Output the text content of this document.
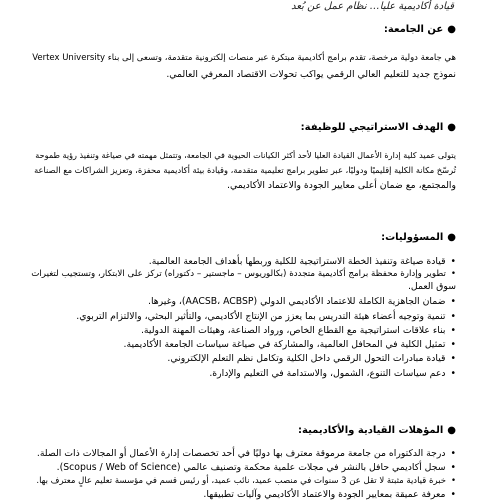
قيادة أكاديمية عليا… نظام عمل عن بُعد
●عن الجامعة:
Vertex University هي جامعة دولية مرخصة، تقدم برامج أكاديمية مبتكرة عبر منصات إلكترونية متقدمة، وتسعى إلى بناء
نموذج جديد للتعليم العالي الرقمي يواكب تحولات الاقتصاد المعرفي العالمي.
●الهدف الاستراتيجي للوظيفة:
يتولى عميد كلية إدارة الأعمال القيادة العليا لأحد أكثر الكيانات الحيوية في الجامعة، وتتمثل مهمته في صياغة وتنفيذ رؤية طموحة
تُرسّخ مكانة الكلية إقليميًا ودوليًا، عبر تطوير برامج تعليمية متقدمة، وقيادة بيئة أكاديمية محفزة، وتعزيز الشراكات مع الصناعة
والمجتمع، مع ضمان أعلى معايير الجودة والاعتماد الأكاديمي.
●المسؤوليات:
•قيادة صياغة وتنفيذ الخطة الاستراتيجية للكلية وربطها بأهداف الجامعة العالمية.
•تطوير وإدارة محفظة برامج أكاديمية متجددة (بكالوريوس – ماجستير – دكتوراه) تركز على الابتكار، وتستجيب لتغيرات
سوق العمل.
•ضمان الجاهزية الكاملة للاعتماد الأكاديمي الدولي (AACSB، ACBSP)، وغيرها.
•تنمية وتوجيه أعضاء هيئة التدريس بما يعزز من الإنتاج الأكاديمي، والتأثير البحثي، والالتزام التربوي.
•بناء علاقات استراتيجية مع القطاع الخاص، ورواد الصناعة، وهيئات المهنة الدولية.
•تمثيل الكلية في المحافل العالمية، والمشاركة في صياغة سياسات الجامعة الأكاديمية.
•قيادة مبادرات التحول الرقمي داخل الكلية وتكامل نظم التعلم الإلكتروني.
•دعم سياسات التنوع، الشمول، والاستدامة في التعليم والإدارة.
●المؤهلات القيادية والأكاديمية:
•درجة الدكتوراه من جامعة مرموقة معترف بها دوليًا في أحد تخصصات إدارة الأعمال أو المجالات ذات الصلة.
•سجل أكاديمي حافل بالنشر في مجلات علمية محكمة وتصنيف عالمي (Scopus / Web of Science).
•خبرة قيادية مثبتة لا تقل عن 3 سنوات في منصب عميد، نائب عميد، أو رئيس قسم في مؤسسة تعليم عالٍ معترف بها.
•معرفة عميقة بمعايير الجودة والاعتماد الأكاديمي وآليات تطبيقها.
